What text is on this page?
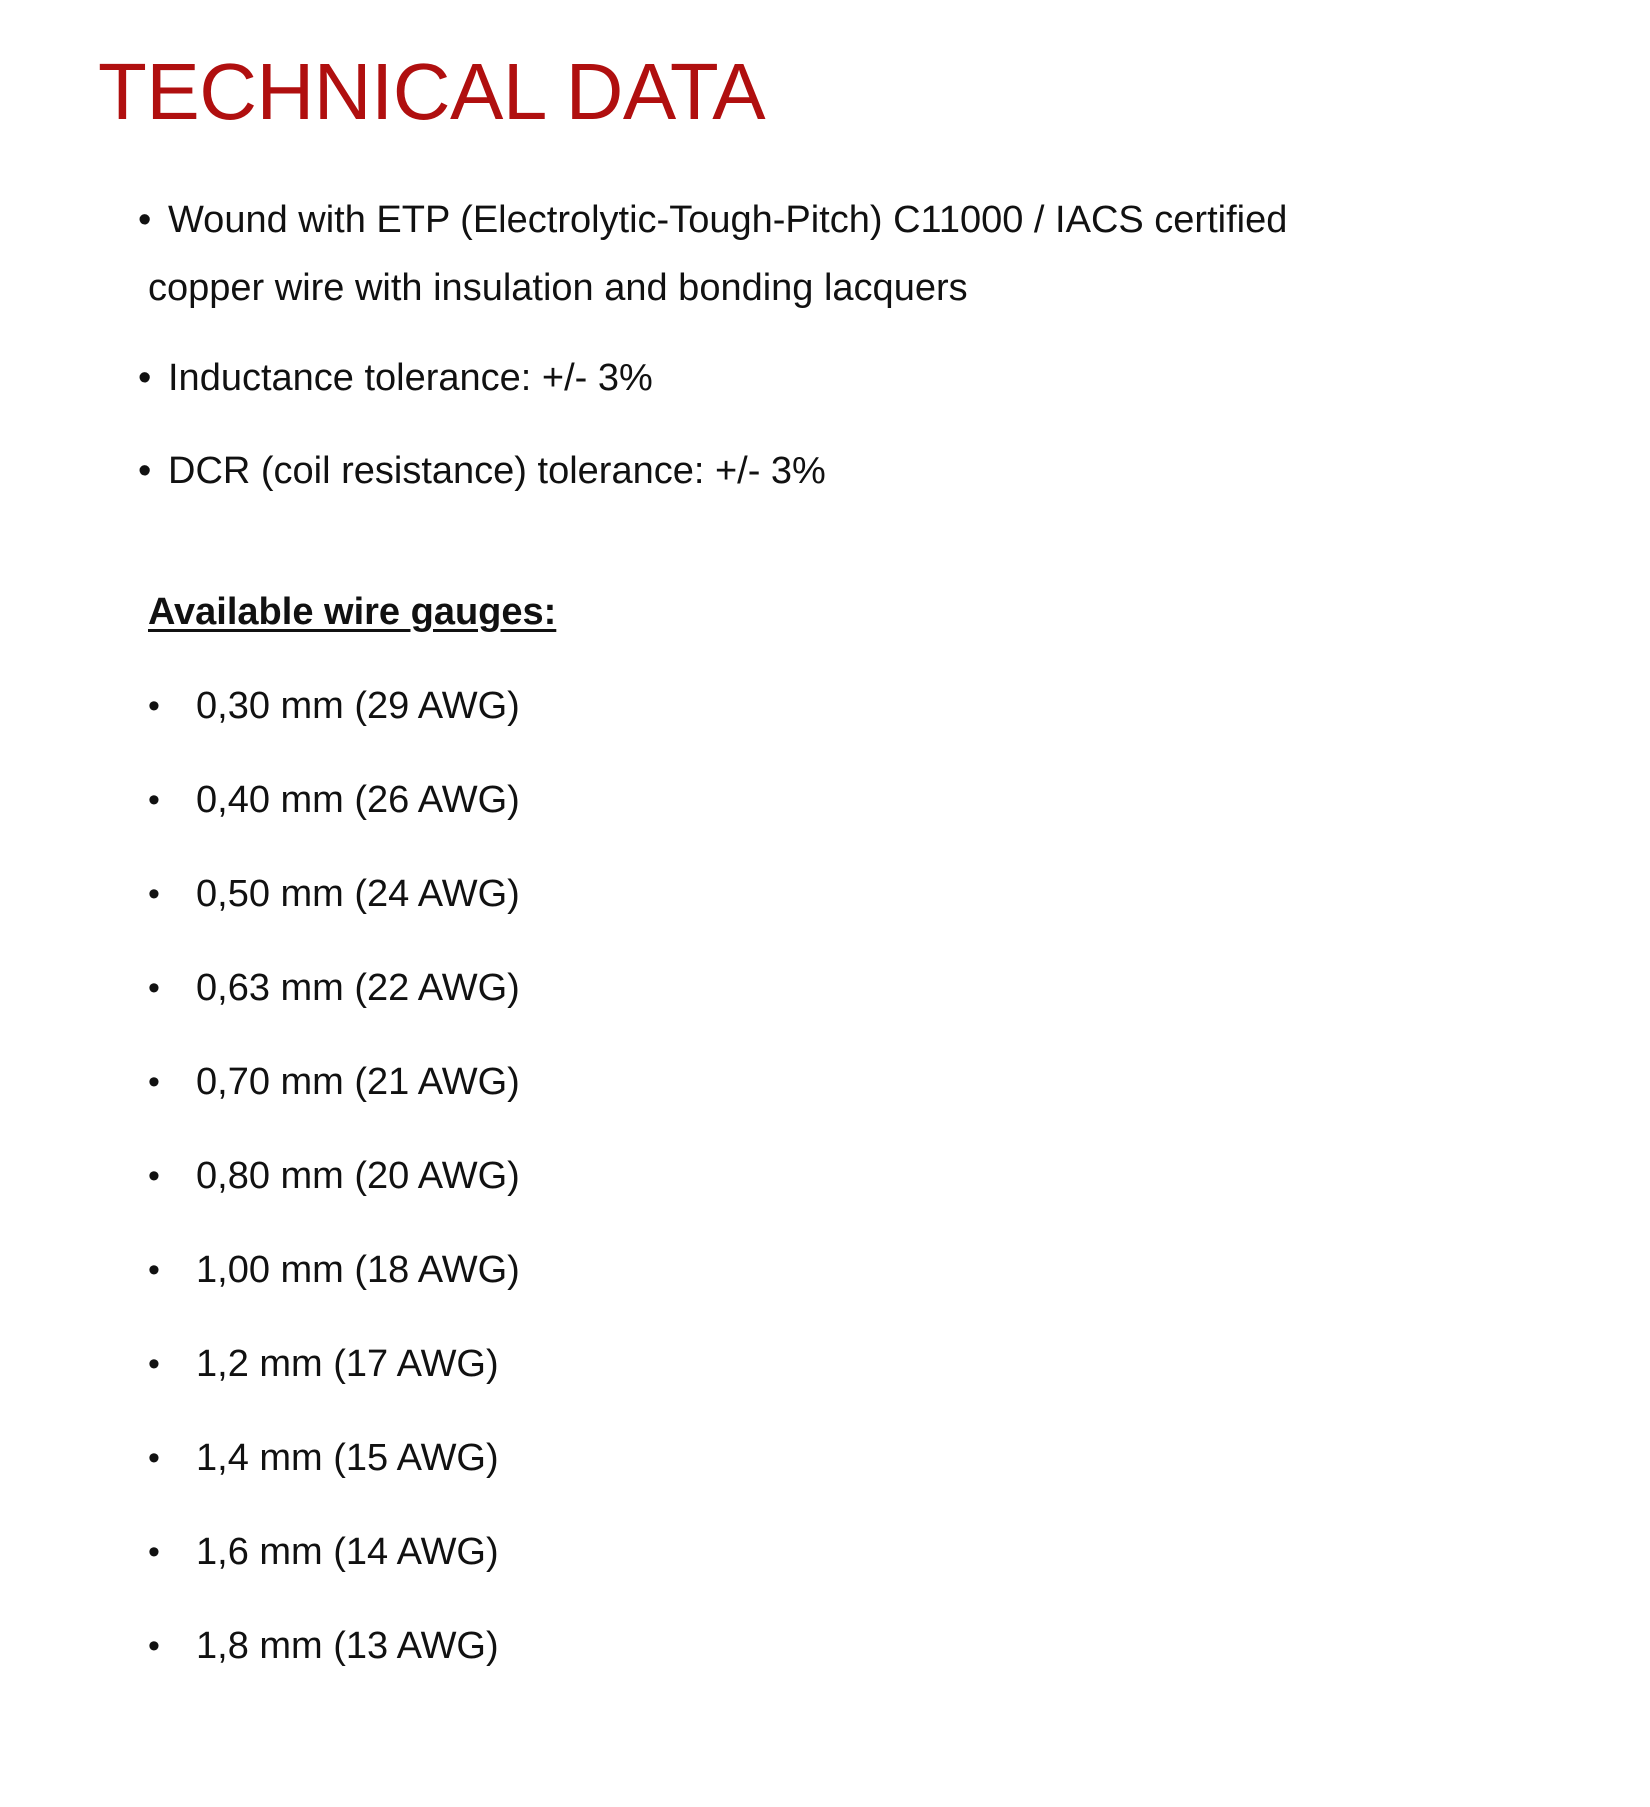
TECHNICAL DATA

• Wound with ETP (Electrolytic-Tough-Pitch) C11000 / IACS certified
copper wire with insulation and bonding lacquers

• Inductance tolerance: +/- 3%

• DCR (coil resistance) tolerance: +/- 3%

Available wire gauges:
• 0,30 mm (29 AWG)
• 0,40 mm (26 AWG)
• 0,50 mm (24 AWG)
• 0,63 mm (22 AWG)
• 0,70 mm (21 AWG)
• 0,80 mm (20 AWG)
• 1,00 mm (18 AWG)
• 1,2 mm (17 AWG)
• 1,4 mm (15 AWG)
• 1,6 mm (14 AWG)
• 1,8 mm (13 AWG)
